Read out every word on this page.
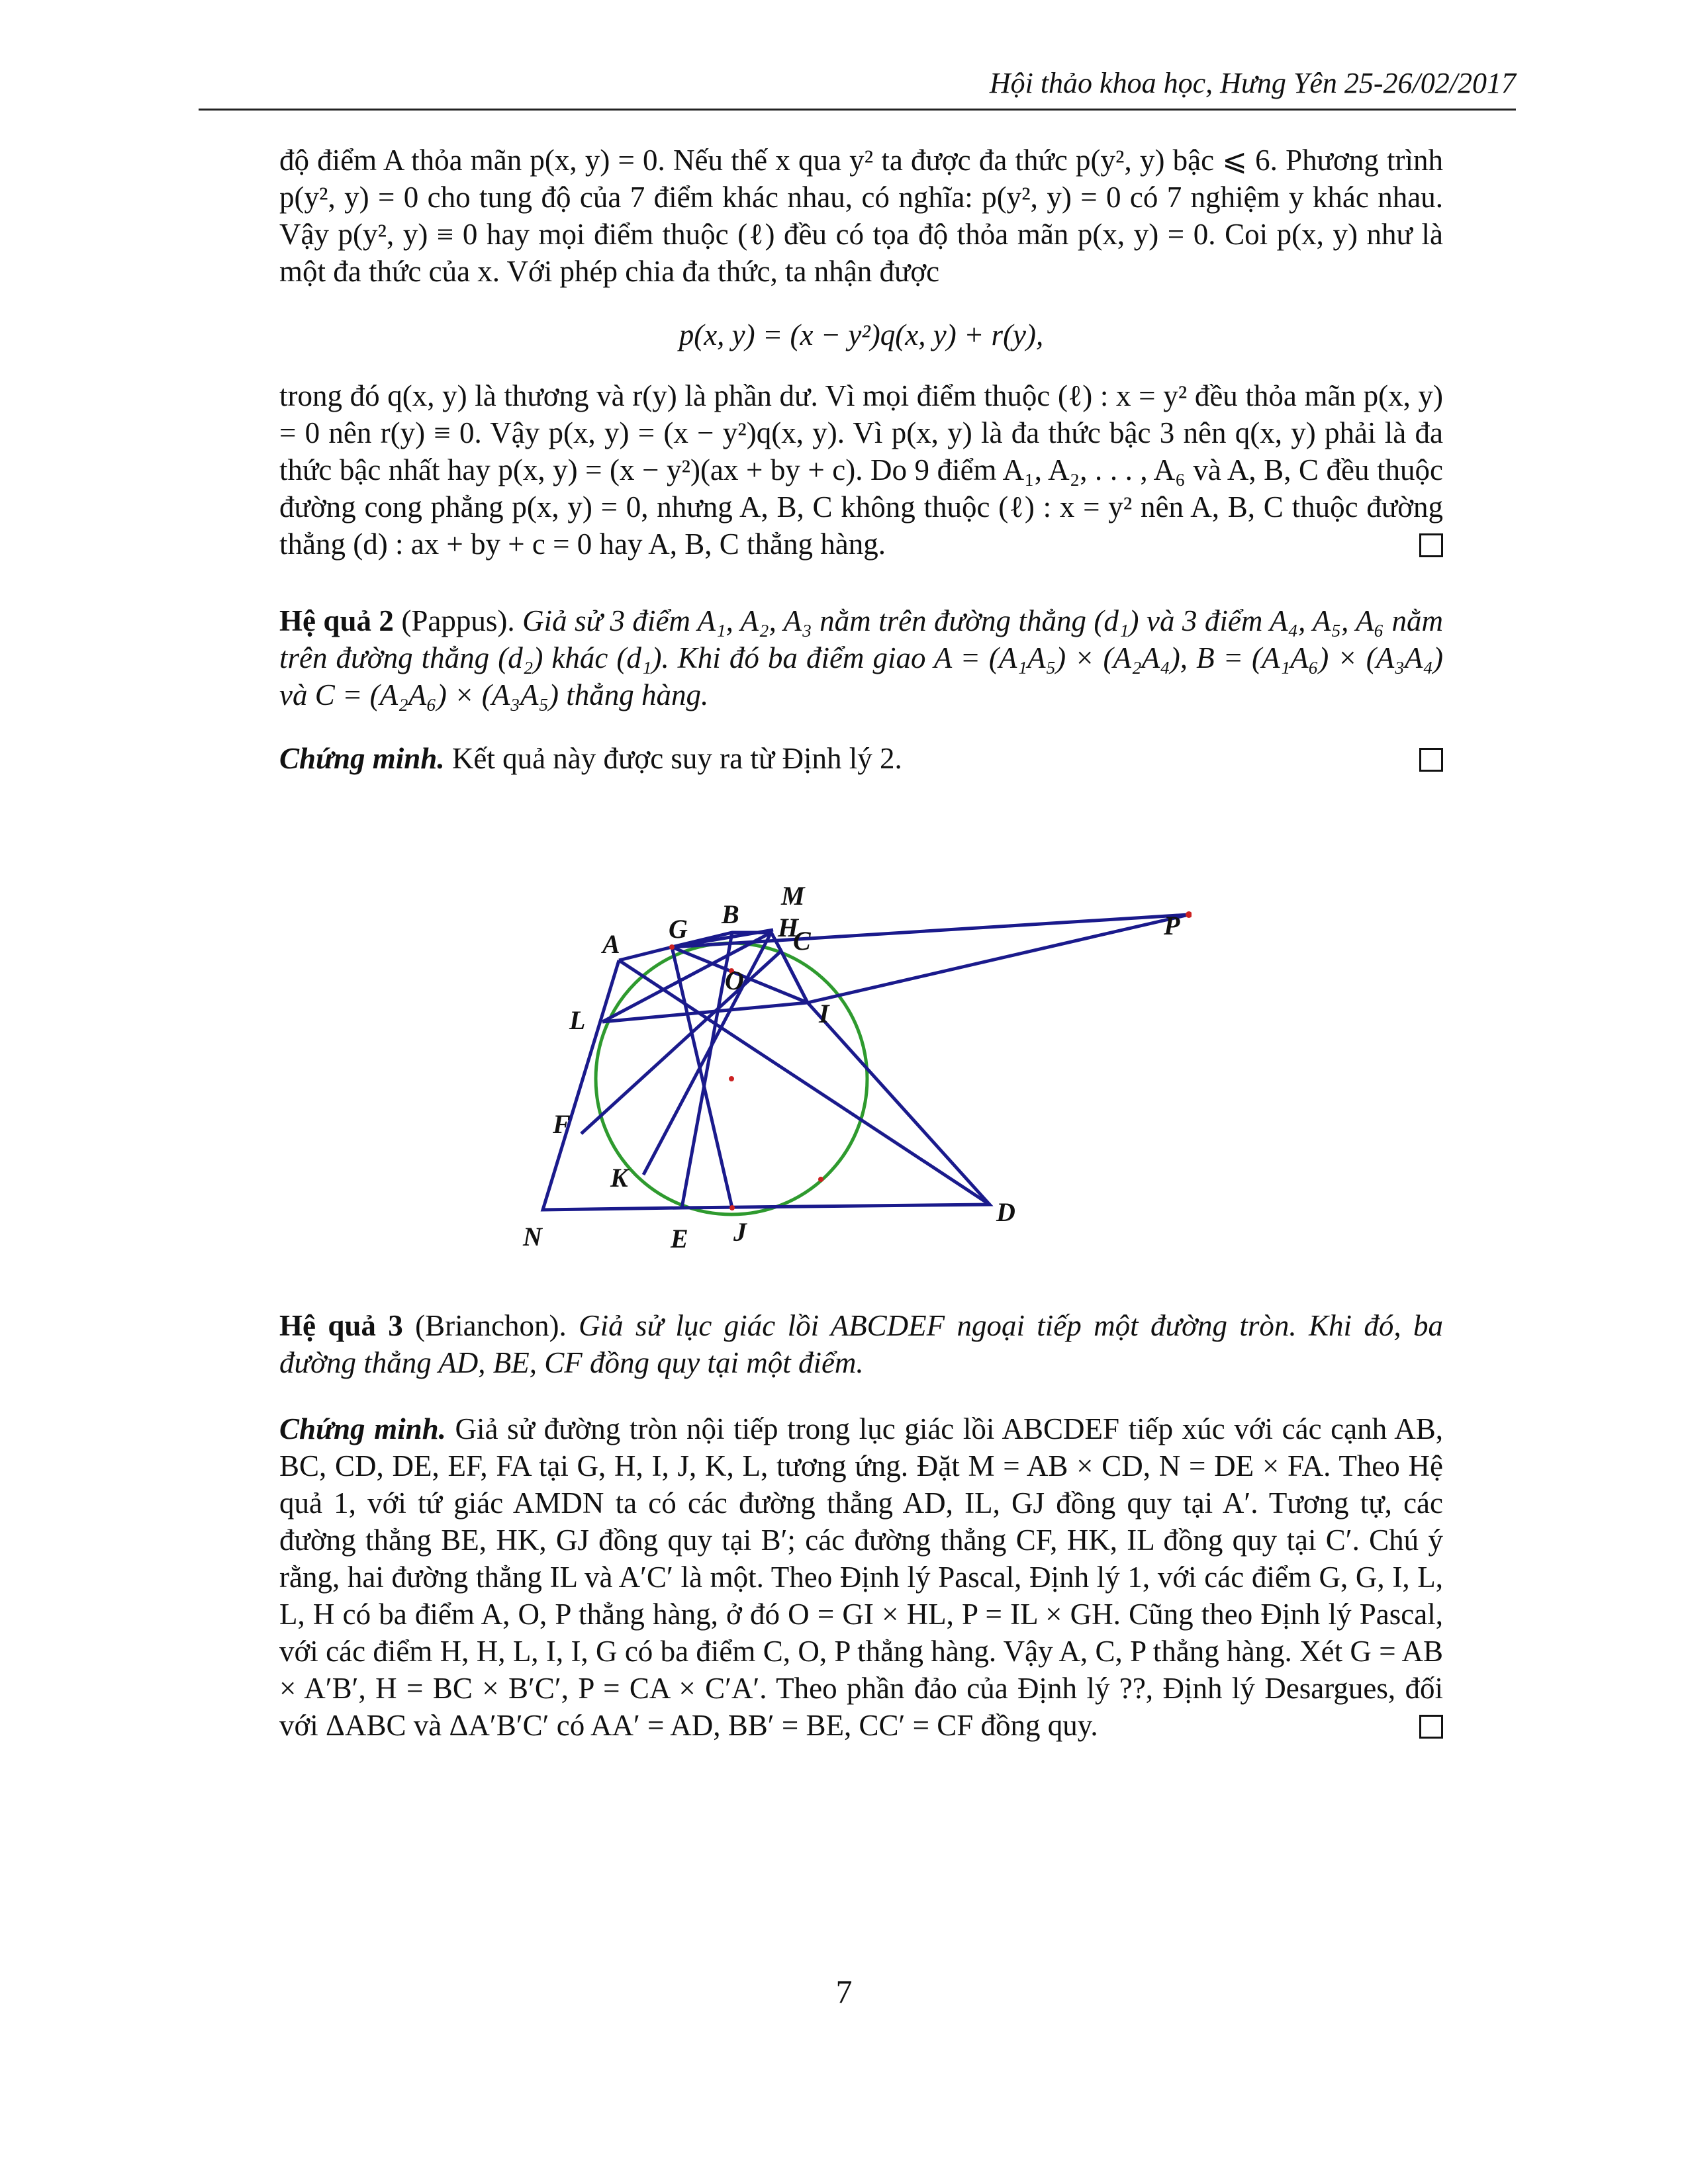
Hội thảo khoa học, Hưng Yên 25-26/02/2017

độ điểm A thỏa mãn p(x, y) = 0. Nếu thế x qua y² ta được đa thức p(y², y) bậc ⩽ 6. Phương trình p(y², y) = 0 cho tung độ của 7 điểm khác nhau, có nghĩa: p(y², y) = 0 có 7 nghiệm y khác nhau. Vậy p(y², y) ≡ 0 hay mọi điểm thuộc (ℓ) đều có tọa độ thỏa mãn p(x, y) = 0. Coi p(x, y) như là một đa thức của x. Với phép chia đa thức, ta nhận được

p(x, y) = (x − y²)q(x, y) + r(y),

trong đó q(x, y) là thương và r(y) là phần dư. Vì mọi điểm thuộc (ℓ) : x = y² đều thỏa mãn p(x, y) = 0 nên r(y) ≡ 0. Vậy p(x, y) = (x − y²)q(x, y). Vì p(x, y) là đa thức bậc 3 nên q(x, y) phải là đa thức bậc nhất hay p(x, y) = (x − y²)(ax + by + c). Do 9 điểm A₁, A₂, . . . , A₆ và A, B, C đều thuộc đường cong phẳng p(x, y) = 0, nhưng A, B, C không thuộc (ℓ) : x = y² nên A, B, C thuộc đường thẳng (d) : ax + by + c = 0 hay A, B, C thẳng hàng.

Hệ quả 2 (Pappus). Giả sử 3 điểm A₁, A₂, A₃ nằm trên đường thẳng (d₁) và 3 điểm A₄, A₅, A₆ nằm trên đường thẳng (d₂) khác (d₁). Khi đó ba điểm giao A = (A₁A₅) × (A₂A₄), B = (A₁A₆) × (A₃A₄) và C = (A₂A₆) × (A₃A₅) thẳng hàng.

Chứng minh. Kết quả này được suy ra từ Định lý 2.

A
B
C
D
E
F
G	H
I
J
K
L
M
N
O
P

Hệ quả 3 (Brianchon). Giả sử lục giác lồi ABCDEF ngoại tiếp một đường tròn. Khi đó, ba đường thẳng AD, BE, CF đồng quy tại một điểm.

Chứng minh. Giả sử đường tròn nội tiếp trong lục giác lồi ABCDEF tiếp xúc với các cạnh AB, BC, CD, DE, EF, FA tại G, H, I, J, K, L, tương ứng. Đặt M = AB × CD, N = DE × FA. Theo Hệ quả 1, với tứ giác AMDN ta có các đường thẳng AD, IL, GJ đồng quy tại A′. Tương tự, các đường thẳng BE, HK, GJ đồng quy tại B′; các đường thẳng CF, HK, IL đồng quy tại C′. Chú ý rằng, hai đường thẳng IL và A′C′ là một. Theo Định lý Pascal, Định lý 1, với các điểm G, G, I, L, L, H có ba điểm A, O, P thẳng hàng, ở đó O = GI × HL, P = IL × GH. Cũng theo Định lý Pascal, với các điểm H, H, L, I, I, G có ba điểm C, O, P thẳng hàng. Vậy A, C, P thẳng hàng. Xét G = AB × A′B′, H = BC × B′C′, P = CA × C′A′. Theo phần đảo của Định lý ??, Định lý Desargues, đối với ΔABC và ΔA′B′C′ có AA′ = AD, BB′ = BE, CC′ = CF đồng quy.

7
